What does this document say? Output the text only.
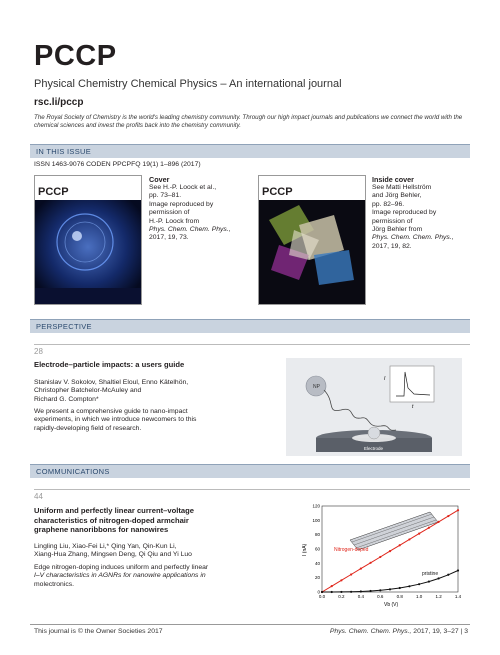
PCCP
Physical Chemistry Chemical Physics – An international journal
rsc.li/pccp
The Royal Society of Chemistry is the world's leading chemistry community. Through our high impact journals and publications we connect the world with the chemical sciences and invest the profits back into the chemistry community.
IN THIS ISSUE
ISSN 1463-9076 CODEN PPCPFQ 19(1) 1–896 (2017)
PCCP
Cover
See H.-P. Loock et al.,
pp. 73–81.
Image reproduced by
permission of
H.-P. Loock from
Phys. Chem. Chem. Phys.,
2017, 19, 73.
PCCP
Inside cover
See Matti Hellström
and Jörg Behler,
pp. 82–96.
Image reproduced by
permission of
Jörg Behler from
Phys. Chem. Chem. Phys.,
2017, 19, 82.
PERSPECTIVE
28
Electrode–particle impacts: a users guide
Stanislav V. Sokolov, Shaltiel Eloul, Enno Kätelhön,
Christopher Batchelor-McAuley and
Richard G. Compton*
We present a comprehensive guide to nano-impact
experiments, in which we introduce newcomers to this
rapidly-developing field of research.
NP
I
t
Electrode
COMMUNICATIONS
44
Uniform and perfectly linear current–voltage
characteristics of nitrogen-doped armchair
graphene nanoribbons for nanowires
Lingling Liu, Xiao-Fei Li,* Qing Yan, Qin-Kun Li,
Xiang-Hua Zhang, Mingsen Deng, Qi Qiu and Yi Luo
Edge nitrogen-doping induces uniform and perfectly linear
I–V characteristics in AGNRs for nanowire applications in
molectronics.
0
20
40
60
80
100
120
0.0	0.2	0.4	0.6	0.8	1.0	1.2	1.4
Nitrogen-doped
pristine
I (nA)
Vb (V)
This journal is © the Owner Societies 2017	Phys. Chem. Chem. Phys., 2017, 19, 3–27 | 3
